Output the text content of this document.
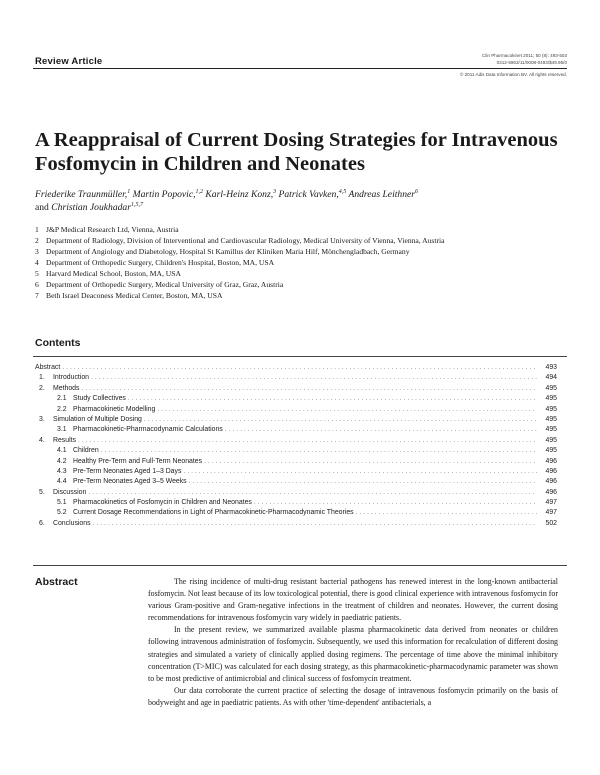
Review Article
Clin Pharmacokinet 2011; 50 (8): 493-503
0312-5963/11/0008-0493/$49.95/0
© 2011 Adis Data Information BV. All rights reserved.
A Reappraisal of Current Dosing Strategies for Intravenous Fosfomycin in Children and Neonates
Friederike Traunmüller,$^1$ Martin Popovic,$^{1,2}$ Karl-Heinz Konz,$^3$ Patrick Vavken,$^{4,5}$ Andreas Leithner$^6$
and Christian Joukhadar$^{1,5,7}$
1 J&P Medical Research Ltd, Vienna, Austria
2 Department of Radiology, Division of Interventional and Cardiovascular Radiology, Medical University of Vienna, Vienna, Austria
3 Department of Angiology and Diabetology, Hospital St Kamillus der Kliniken Maria Hilf, Mönchengladbach, Germany
4 Department of Orthopedic Surgery, Children's Hospital, Boston, MA, USA
5 Harvard Medical School, Boston, MA, USA
6 Department of Orthopedic Surgery, Medical University of Graz, Graz, Austria
7 Beth Israel Deaconess Medical Center, Boston, MA, USA
Contents
Abstract . . .	493
1.	Introduction . . .	494
2.	Methods . . .	495
2.1 Study Collectives . . .	495
2.2 Pharmacokinetic Modelling . . .	495
3.	Simulation of Multiple Dosing . . .	495
3.1 Pharmacokinetic-Pharmacodynamic Calculations . . .	495
4.	Results . . .	495
4.1 Children . . .	495
4.2 Healthy Pre-Term and Full-Term Neonates . . .	496
4.3 Pre-Term Neonates Aged 1–3 Days . . .	496
4.4 Pre-Term Neonates Aged 3–5 Weeks . . .	496
5.	Discussion . . .	496
5.1 Pharmacokinetics of Fosfomycin in Children and Neonates . . .	497
5.2 Current Dosage Recommendations in Light of Pharmacokinetic-Pharmacodynamic Theories . . .	497
6.	Conclusions . . .	502
Abstract	The rising incidence of multi-drug resistant bacterial pathogens has renewed interest in the long-known antibacterial fosfomycin. Not least because of its low toxicological potential, there is good clinical experience with intravenous fosfomycin for various Gram-positive and Gram-negative infections in the treatment of children and neonates. However, the current dosing recommendations for intravenous fosfomycin vary widely in paediatric patients.

In the present review, we summarized available plasma pharmacokinetic data derived from neonates or children following intravenous administration of fosfomycin. Subsequently, we used this information for recalculation of different dosing strategies and simulated a variety of clinically applied dosing regimens. The percentage of time above the minimal inhibitory concentration (T>MIC) was calculated for each dosing strategy, as this pharmacokinetic-pharmacodynamic parameter was shown to be most predictive of antimicrobial and clinical success of fosfomycin treatment.

Our data corroborate the current practice of selecting the dosage of intravenous fosfomycin primarily on the basis of bodyweight and age in paediatric patients. As with other 'time-dependent' antibacterials, a
